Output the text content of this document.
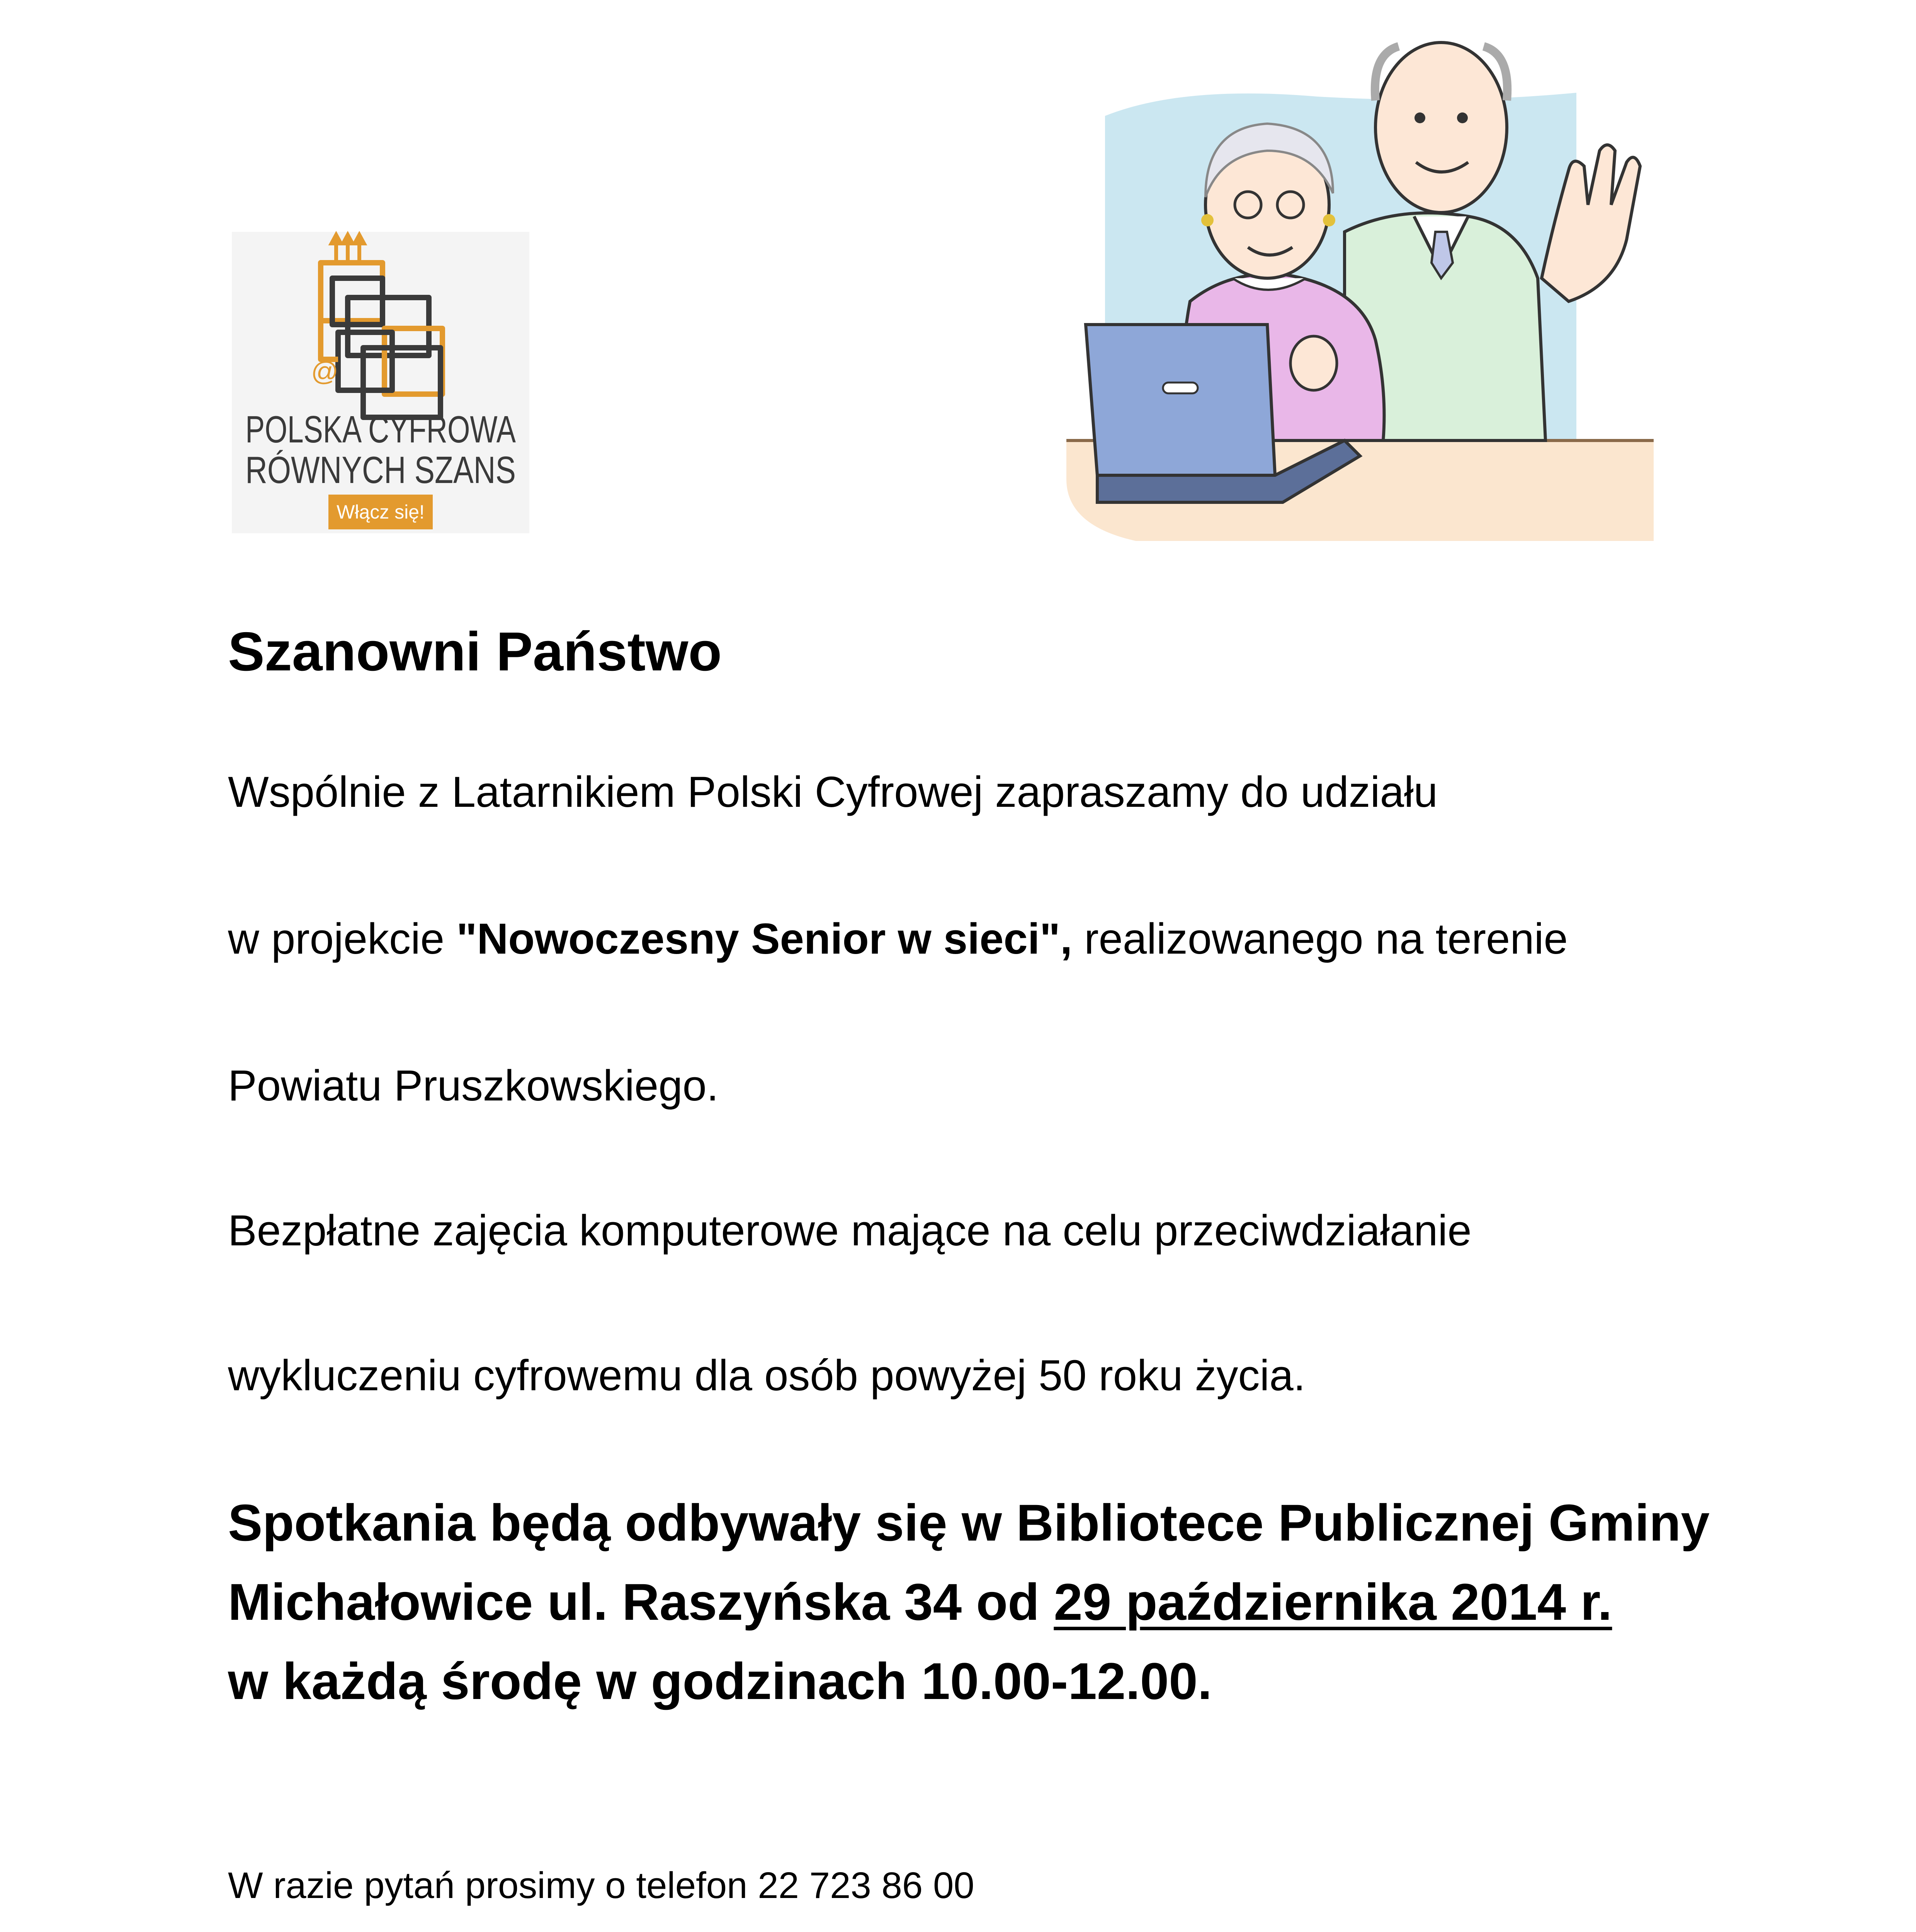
@
POLSKA CYFROWA
RÓWNYCH SZANS
Włącz się!
Szanowni Państwo
Wspólnie z Latarnikiem Polski Cyfrowej zapraszamy do udziału
w projekcie "Nowoczesny Senior w sieci", realizowanego na terenie
Powiatu Pruszkowskiego.
Bezpłatne zajęcia komputerowe mające na celu przeciwdziałanie
wykluczeniu cyfrowemu dla osób powyżej 50 roku życia.
Spotkania będą odbywały się w Bibliotece Publicznej Gminy
Michałowice ul. Raszyńska 34 od 29 października 2014 r.
w każdą środę w godzinach 10.00-12.00.
W razie pytań prosimy o telefon 22 723 86 00
